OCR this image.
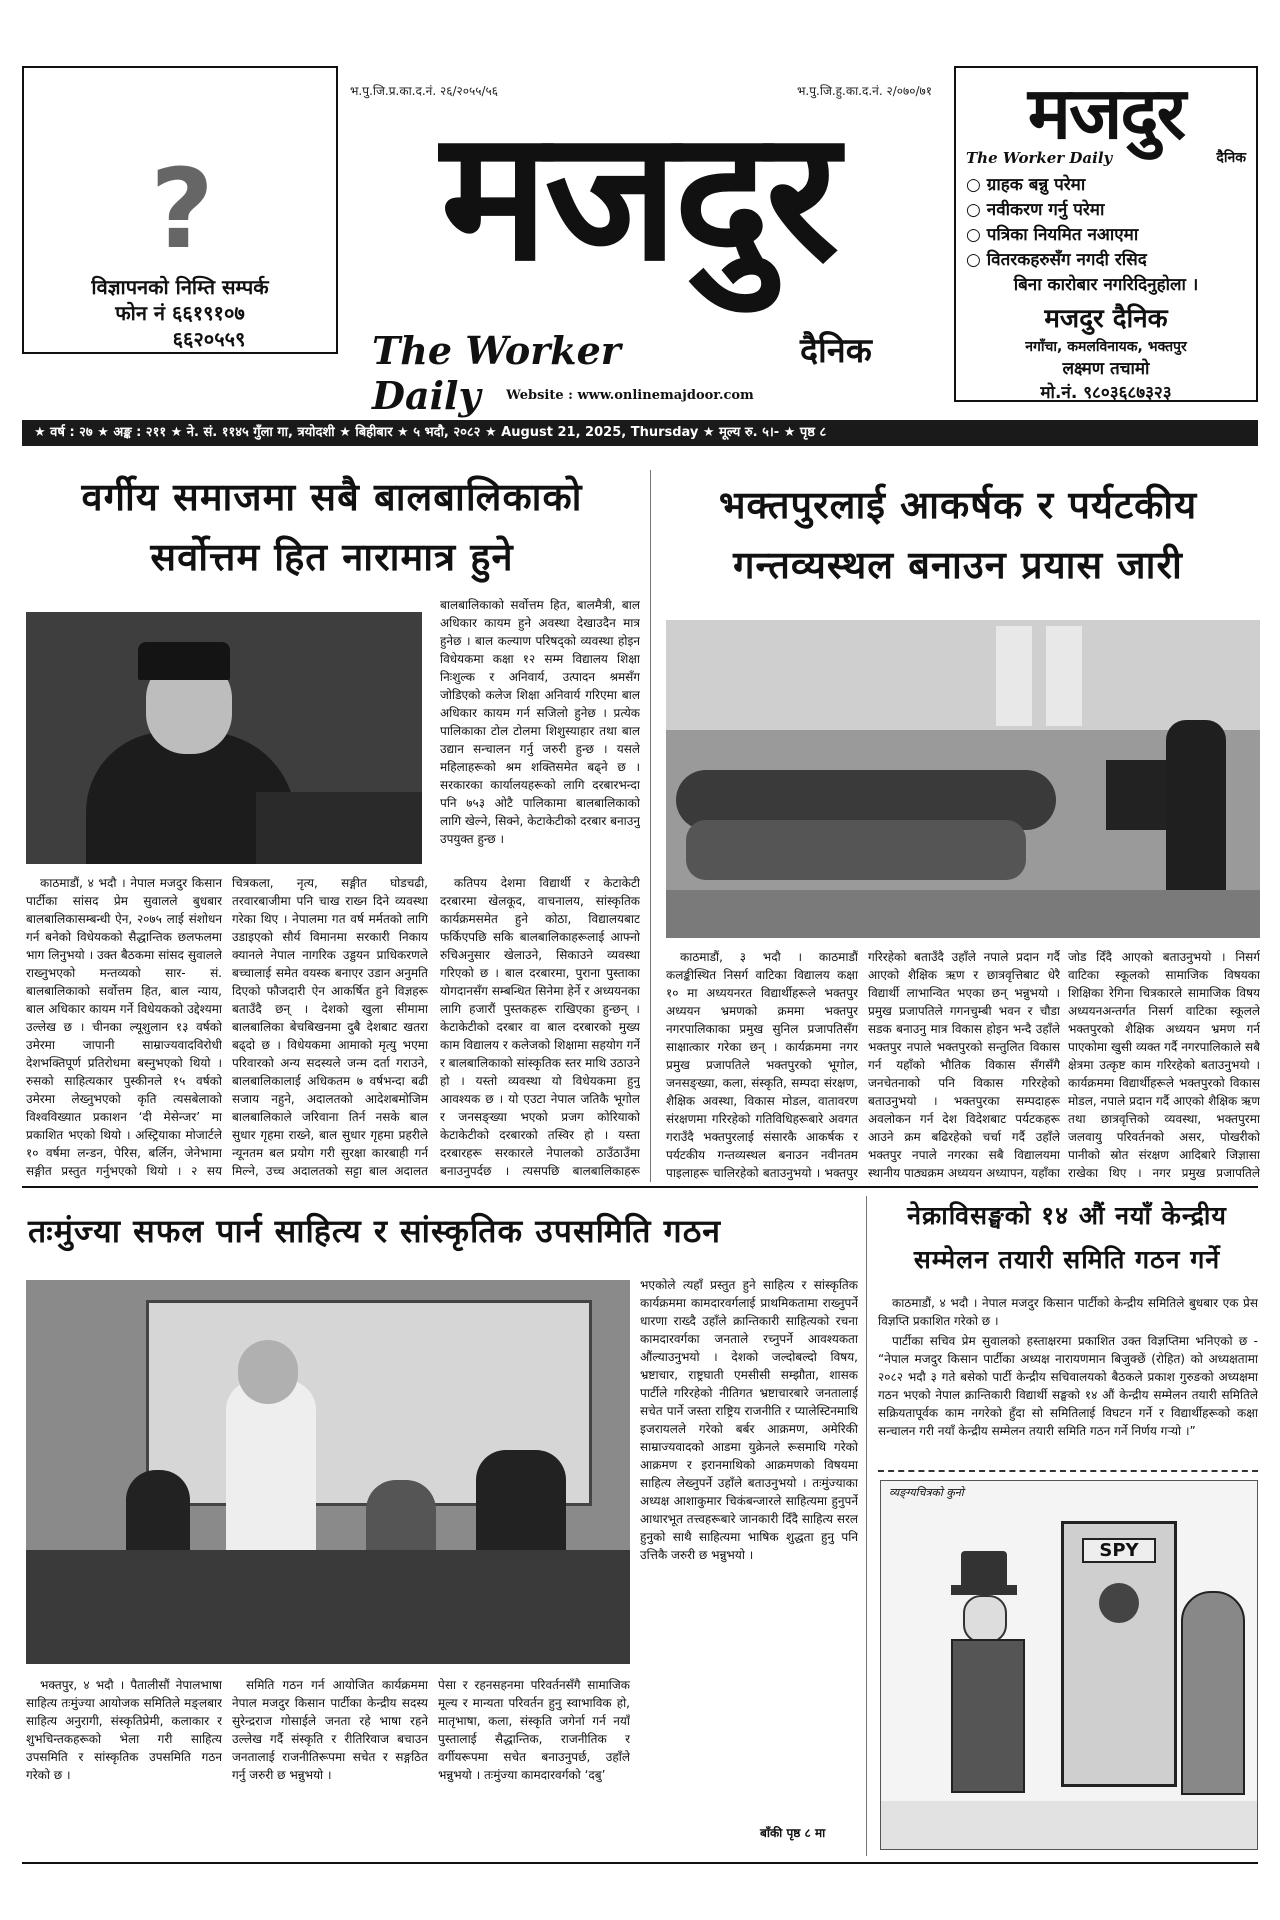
?
विज्ञापनको निम्ति सम्पर्क
फोन नं ६६१९१०७
६६२०५५९
भ.पु.जि.प्र.का.द.नं. २६/२०५५/५६	भ.पु.जि.हु.का.द.नं. २/०७०/७१
मजदुर
The Worker Daily
दैनिक
Website : www.onlinemajdoor.com
मजदुर
The Worker Daily	दैनिक
○ ग्राहक बन्नु परेमा
○ नवीकरण गर्नु परेमा
○ पत्रिका नियमित नआएमा
○ वितरकहरुसँग नगदी रसिद
बिना कारोबार नगरिदिनुहोला ।
मजदुर दैनिक
नगाँचा, कमलविनायक, भक्तपुर
लक्ष्मण तचामो
मो.नं. ९८०३६८७३२३
★ वर्ष : २७ ★ अङ्क : २११ ★ ने. सं. ११४५ गुँला गा, त्रयोदशी ★ बिहीबार ★ ५ भदौ, २०८२ ★ August 21, 2025, Thursday ★ मूल्य रु. ५।- ★ पृष्ठ ८
वर्गीय समाजमा सबै बालबालिकाको
सर्वोत्तम हित नारामात्र हुने

बालबालिकाको सर्वोत्तम हित, बालमैत्री, बाल अधिकार कायम हुने अवस्था देखाउदैन मात्र हुनेछ । बाल कल्याण परिषद्को व्यवस्था होइन विधेयकमा कक्षा १२ सम्म विद्यालय शिक्षा निःशुल्क र अनिवार्य, उत्पादन श्रमसँग जोडिएको कलेज शिक्षा अनिवार्य गरिएमा बाल अधिकार कायम गर्न सजिलो हुनेछ । प्रत्येक पालिकाका टोल टोलमा शिशुस्याहार तथा बाल उद्यान सन्चालन गर्नु जरुरी हुन्छ । यसले महिलाहरूको श्रम शक्तिसमेत बढ्ने छ । सरकारका कार्यालयहरूको लागि दरबारभन्दा पनि ७५३ ओटै पालिकामा बालबालिकाको लागि खेल्ने, सिक्ने, केटाकेटीको दरबार बनाउनु उपयुक्त हुन्छ ।

कतिपय देशमा विद्यार्थी र केटाकेटी दरबारमा खेलकूद, वाचनालय, सांस्कृतिक कार्यक्रमसमेत हुने कोठा, विद्यालयबाट फर्किएपछि सकि बालबालिकाहरूलाई आफ्नो रुचिअनुसार खेलाउने, सिकाउने व्यवस्था गरिएको छ । बाल दरबारमा, पुराना पुस्ताका योगदानसँग सम्बन्धित सिनेमा हेर्ने र अध्ययनका लागि हजारौं पुस्तकहरू राखिएका हुन्छन् । केटाकेटीको दरबार वा बाल दरबारको मुख्य काम विद्यालय र कलेजको शिक्षामा सहयोग गर्ने र बालबालिकाको सांस्कृतिक स्तर माथि उठाउने हो । यस्तो व्यवस्था यो विधेयकमा हुनु आवश्यक छ । यो एउटा नेपाल जतिकै भूगोल र जनसङ्ख्या भएको प्रजग कोरियाको केटाकेटीको दरबारको तस्विर हो । यस्ता दरबारहरू सरकारले नेपालको ठाउँठाउँमा बनाउनुपर्दछ । त्यसपछि बालबालिकाहरू

काठमाडौं, ४ भदौ । नेपाल मजदुर किसान पार्टीका सांसद प्रेम सुवालले बुधबार बालबालिकासम्बन्धी ऐन, २०७५ लाई संशोधन गर्न बनेको विधेयकको सैद्धान्तिक छलफलमा भाग लिनुभयो । उक्त बैठकमा सांसद सुवालले राख्नुभएको मन्तव्यको सार- सं. बालबालिकाको सर्वोत्तम हित, बाल न्याय, बाल अधिकार कायम गर्ने विधेयकको उद्देश्यमा उल्लेख छ । चीनका ल्यूशुलान १३ वर्षको उमेरमा जापानी साम्राज्यवादविरोधी देशभक्तिपूर्ण प्रतिरोधमा बस्नुभएको थियो । रुसको साहित्यकार पुस्कीनले १५ वर्षको उमेरमा लेख्नुभएको कृति त्यसबेलाको विश्वविख्यात प्रकाशन ‘दी मेसेन्जर’ मा प्रकाशित भएको थियो । अस्ट्रियाका मोजार्टले १० वर्षमा लन्डन, पेरिस, बर्लिन, जेनेभामा सङ्गीत प्रस्तुत गर्नुभएको थियो । २ सय

चित्रकला, नृत्य, सङ्गीत घोडचढी, तरवारबाजीमा पनि चाख राख्न दिने व्यवस्था गरेका थिए । नेपालमा गत वर्ष मर्मतको लागि उडाइएको सौर्य विमानमा सरकारी निकाय क्यानले नेपाल नागरिक उड्डयन प्राधिकरणले बच्चालाई समेत वयस्क बनाएर उडान अनुमति दिएको फौजदारी ऐन आकर्षित हुने विज्ञहरू बताउँदै छन् । देशको खुला सीमामा बालबालिका बेचबिखनमा दुबै देशबाट खतरा बढ्दो छ । विधेयकमा आमाको मृत्यु भएमा परिवारको अन्य सदस्यले जन्म दर्ता गराउने, बालबालिकालाई अधिकतम ७ वर्षभन्दा बढी सजाय नहुने, अदालतको आदेशबमोजिम बालबालिकाले जरिवाना तिर्न नसके बाल सुधार गृहमा राख्ने, बाल सुधार गृहमा प्रहरीले न्यूनतम बल प्रयोग गरी सुरक्षा कारबाही गर्न मिल्ने, उच्च अदालतको सट्टा बाल अदालत

भक्तपुरलाई आकर्षक र पर्यटकीय
गन्तव्यस्थल बनाउन प्रयास जारी

काठमाडौं, ३ भदौ । काठमाडौं कलङ्कीस्थित निसर्ग वाटिका विद्यालय कक्षा १० मा अध्ययनरत विद्यार्थीहरूले भक्तपुर अध्ययन भ्रमणको क्रममा भक्तपुर नगरपालिकाका प्रमुख सुनिल प्रजापतिसँग साक्षात्कार गरेका छन् । कार्यक्रममा नगर प्रमुख प्रजापतिले भक्तपुरको भूगोल, जनसङ्ख्या, कला, संस्कृति, सम्पदा संरक्षण, शैक्षिक अवस्था, विकास मोडल, वातावरण संरक्षणमा गरिरहेको गतिविधिहरूबारे अवगत गराउँदै भक्तपुरलाई संसारकै आकर्षक र पर्यटकीय गन्तव्यस्थल बनाउन नवीनतम पाइलाहरू चालिरहेको बताउनुभयो । भक्तपुर

गरिरहेको बताउँदै उहाँले नपाले प्रदान गर्दै आएको शैक्षिक ऋण र छात्रवृत्तिबाट धेरै विद्यार्थी लाभान्वित भएका छन् भन्नुभयो । प्रमुख प्रजापतिले गगनचुम्बी भवन र चौडा सडक बनाउनु मात्र विकास होइन भन्दै उहाँले भक्तपुर नपाले भक्तपुरको सन्तुलित विकास गर्न यहाँको भौतिक विकास सँगसँगै जनचेतनाको पनि विकास गरिरहेको बताउनुभयो । भक्तपुरका सम्पदाहरू अवलोकन गर्न देश विदेशबाट पर्यटकहरू आउने क्रम बढिरहेको चर्चा गर्दै उहाँले भक्तपुर नपाले नगरका सबै विद्यालयमा स्थानीय पाठ्यक्रम अध्ययन अध्यापन, यहाँका

जोड दिँदै आएको बताउनुभयो । निसर्ग वाटिका स्कूलको सामाजिक विषयका शिक्षिका रेगिना चित्रकारले सामाजिक विषय अध्ययनअन्तर्गत निसर्ग वाटिका स्कूलले भक्तपुरको शैक्षिक अध्ययन भ्रमण गर्न पाएकोमा खुसी व्यक्त गर्दै नगरपालिकाले सबै क्षेत्रमा उत्कृष्ट काम गरिरहेको बताउनुभयो । कार्यक्रममा विद्यार्थीहरूले भक्तपुरको विकास मोडल, नपाले प्रदान गर्दै आएको शैक्षिक ऋण तथा छात्रवृत्तिको व्यवस्था, भक्तपुरमा जलवायु परिवर्तनको असर, पोखरीको पानीको स्रोत संरक्षण आदिबारे जिज्ञासा राखेका थिए । नगर प्रमुख प्रजापतिले

तःमुंज्या सफल पार्न साहित्य र सांस्कृतिक उपसमिति गठन

भक्तपुर, ४ भदौ । पैतालीसौं नेपालभाषा साहित्य तःमुंज्या आयोजक समितिले मङ्लबार साहित्य अनुरागी, संस्कृतिप्रेमी, कलाकार र शुभचिन्तकहरूको भेला गरी साहित्य उपसमिति र सांस्कृतिक उपसमिति गठन गरेको छ ।

समिति गठन गर्न आयोजित कार्यक्रममा नेपाल मजदुर किसान पार्टीका केन्द्रीय सदस्य सुरेन्द्रराज गोसाईले जनता रहे भाषा रहने उल्लेख गर्दै संस्कृति र रीतिरिवाज बचाउन जनतालाई राजनीतिरूपमा सचेत र सङ्गठित गर्नु जरुरी छ भन्नुभयो ।

पेसा र रहनसहनमा परिवर्तनसँगै सामाजिक मूल्य र मान्यता परिवर्तन हुनु स्वाभाविक हो, मातृभाषा, कला, संस्कृति जगेर्ना गर्न नयाँ पुस्तालाई सैद्धान्तिक, राजनीतिक र वर्गीयरूपमा सचेत बनाउनुपर्छ, उहाँले भन्नुभयो । तःमुंज्या कामदारवर्गको ‘दबु’

भएकोले त्यहाँ प्रस्तुत हुने साहित्य र सांस्कृतिक कार्यक्रममा कामदारवर्गलाई प्राथमिकतामा राख्नुपर्ने धारणा राख्दै उहाँले क्रान्तिकारी साहित्यको रचना कामदारवर्गका जनताले रच्नुपर्ने आवश्यकता औंल्याउनुभयो । देशको जल्दोबल्दो विषय, भ्रष्टाचार, राष्ट्रघाती एमसीसी सम्झौता, शासक पार्टीले गरिरहेको नीतिगत भ्रष्टाचारबारे जनतालाई सचेत पार्ने जस्ता राष्ट्रिय राजनीति र प्यालेस्टिनमाथि इजरायलले गरेको बर्बर आक्रमण, अमेरिकी साम्राज्यवादको आडमा युक्रेनले रूसमाथि गरेको आक्रमण र इरानमाथिको आक्रमणको विषयमा साहित्य लेख्नुपर्ने उहाँले बताउनुभयो । तःमुंज्याका अध्यक्ष आशाकुमार चिकंबन्जारले साहित्यमा हुनुपर्ने आधारभूत तत्त्वहरूबारे जानकारी दिँदै साहित्य सरल हुनुको साथै साहित्यमा भाषिक शुद्धता हुनु पनि उत्तिकै जरुरी छ भन्नुभयो ।

बाँकी पृष्ठ ८ मा
नेक्राविसङ्घको १४ औं नयाँ केन्द्रीय
सम्मेलन तयारी समिति गठन गर्ने

काठमाडौं, ४ भदौ । नेपाल मजदुर किसान पार्टीको केन्द्रीय समितिले बुधबार एक प्रेस विज्ञप्ति प्रकाशित गरेको छ ।

पार्टीका सचिव प्रेम सुवालको हस्ताक्षरमा प्रकाशित उक्त विज्ञप्तिमा भनिएको छ - “नेपाल मजदुर किसान पार्टीका अध्यक्ष नारायणमान बिजुक्छें (रोहित) को अध्यक्षतामा २०८२ भदौ ३ गते बसेको पार्टी केन्द्रीय सचिवालयको बैठकले प्रकाश गुरुङको अध्यक्षमा गठन भएको नेपाल क्रान्तिकारी विद्यार्थी सङ्घको १४ औं केन्द्रीय सम्मेलन तयारी समितिले सक्रियतापूर्वक काम नगरेको हुँदा सो समितिलाई विघटन गर्ने र विद्यार्थीहरूको कक्षा सन्चालन गरी नयाँ केन्द्रीय सम्मेलन तयारी समिति गठन गर्ने निर्णय गर्‍यो ।”

व्यङ्ग्यचित्रको कुनो
SPY
